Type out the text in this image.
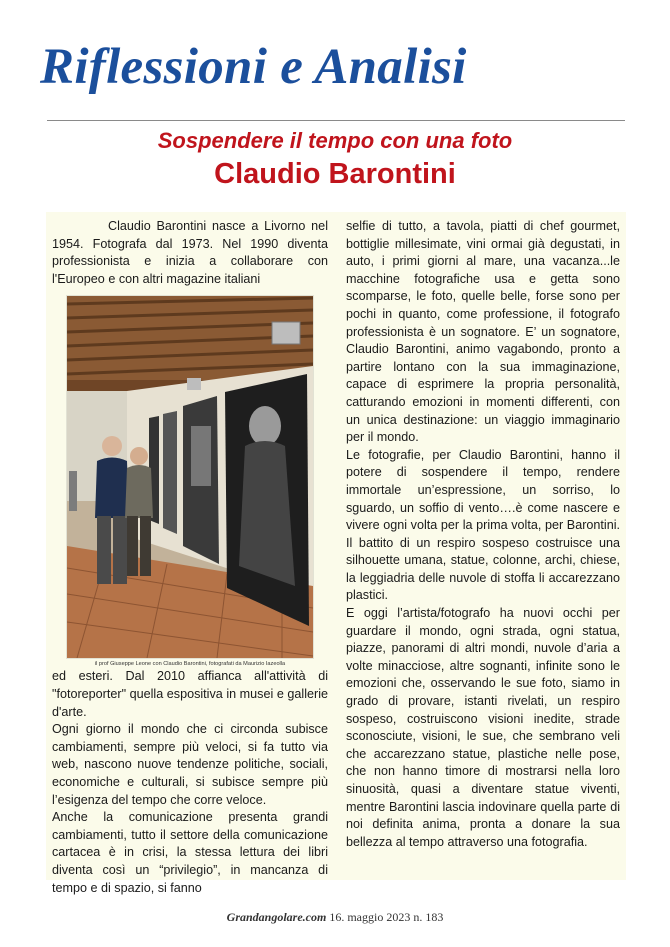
Riflessioni e Analisi
Sospendere il tempo con una foto
Claudio Barontini

Claudio Barontini nasce a Livorno nel 1954. Fotografa dal 1973. Nel 1990 diventa professionista e inizia a collaborare con l'Europeo e con altri magazine italiani

il prof Giuseppe Leone con Claudio Barontini, fotografati da Maurizio Iazeolla

ed esteri. Dal 2010 affianca all'attività di "fotoreporter" quella espositiva in musei e gallerie d'arte.

Ogni giorno il mondo che ci circonda subisce cambiamenti, sempre più veloci, si fa tutto via web, nascono nuove tendenze politiche, sociali, economiche e culturali, si subisce sempre più l’esigenza del tempo che corre veloce.

Anche la comunicazione presenta grandi cambiamenti, tutto il settore della comunicazione cartacea è in crisi, la stessa lettura dei libri diventa così un “privilegio”, in mancanza di tempo e di spazio, si fanno

selfie di tutto, a tavola, piatti di chef gourmet, bottiglie millesimate, vini ormai già degustati, in auto, i primi giorni al mare, una vacanza...le macchine fotografiche usa e getta sono scomparse, le foto, quelle belle, forse sono per pochi in quanto, come professione, il fotografo professionista è un sognatore. E’ un sognatore, Claudio Barontini, animo vagabondo, pronto a partire lontano con la sua immaginazione, capace di esprimere la propria personalità, catturando emozioni in momenti differenti, con un unica destinazione: un viaggio immaginario per il mondo.

Le fotografie, per Claudio Barontini, hanno il potere di sospendere il tempo, rendere immortale un’espressione, un sorriso, lo sguardo, un soffio di vento….è come nascere e vivere ogni volta per la prima volta, per Barontini. Il battito di un respiro sospeso costruisce una silhouette umana, statue, colonne, archi, chiese, la leggiadria delle nuvole di stoffa li accarezzano plastici.

E oggi l’artista/fotografo ha nuovi occhi per guardare il mondo, ogni strada, ogni statua, piazze, panorami di altri mondi, nuvole d’aria a volte minacciose, altre sognanti, infinite sono le emozioni che, osservando le sue foto, siamo in grado di provare, istanti rivelati, un respiro sospeso, costruiscono visioni inedite, strade sconosciute, visioni, le sue, che sembrano veli che accarezzano statue, plastiche nelle pose, che non hanno timore di mostrarsi nella loro sinuosità, quasi a diventare statue viventi, mentre Barontini lascia indovinare quella parte di noi definita anima, pronta a donare la sua bellezza al tempo attraverso una fotografia.

Grandangolare.com 16. maggio 2023 n. 183
